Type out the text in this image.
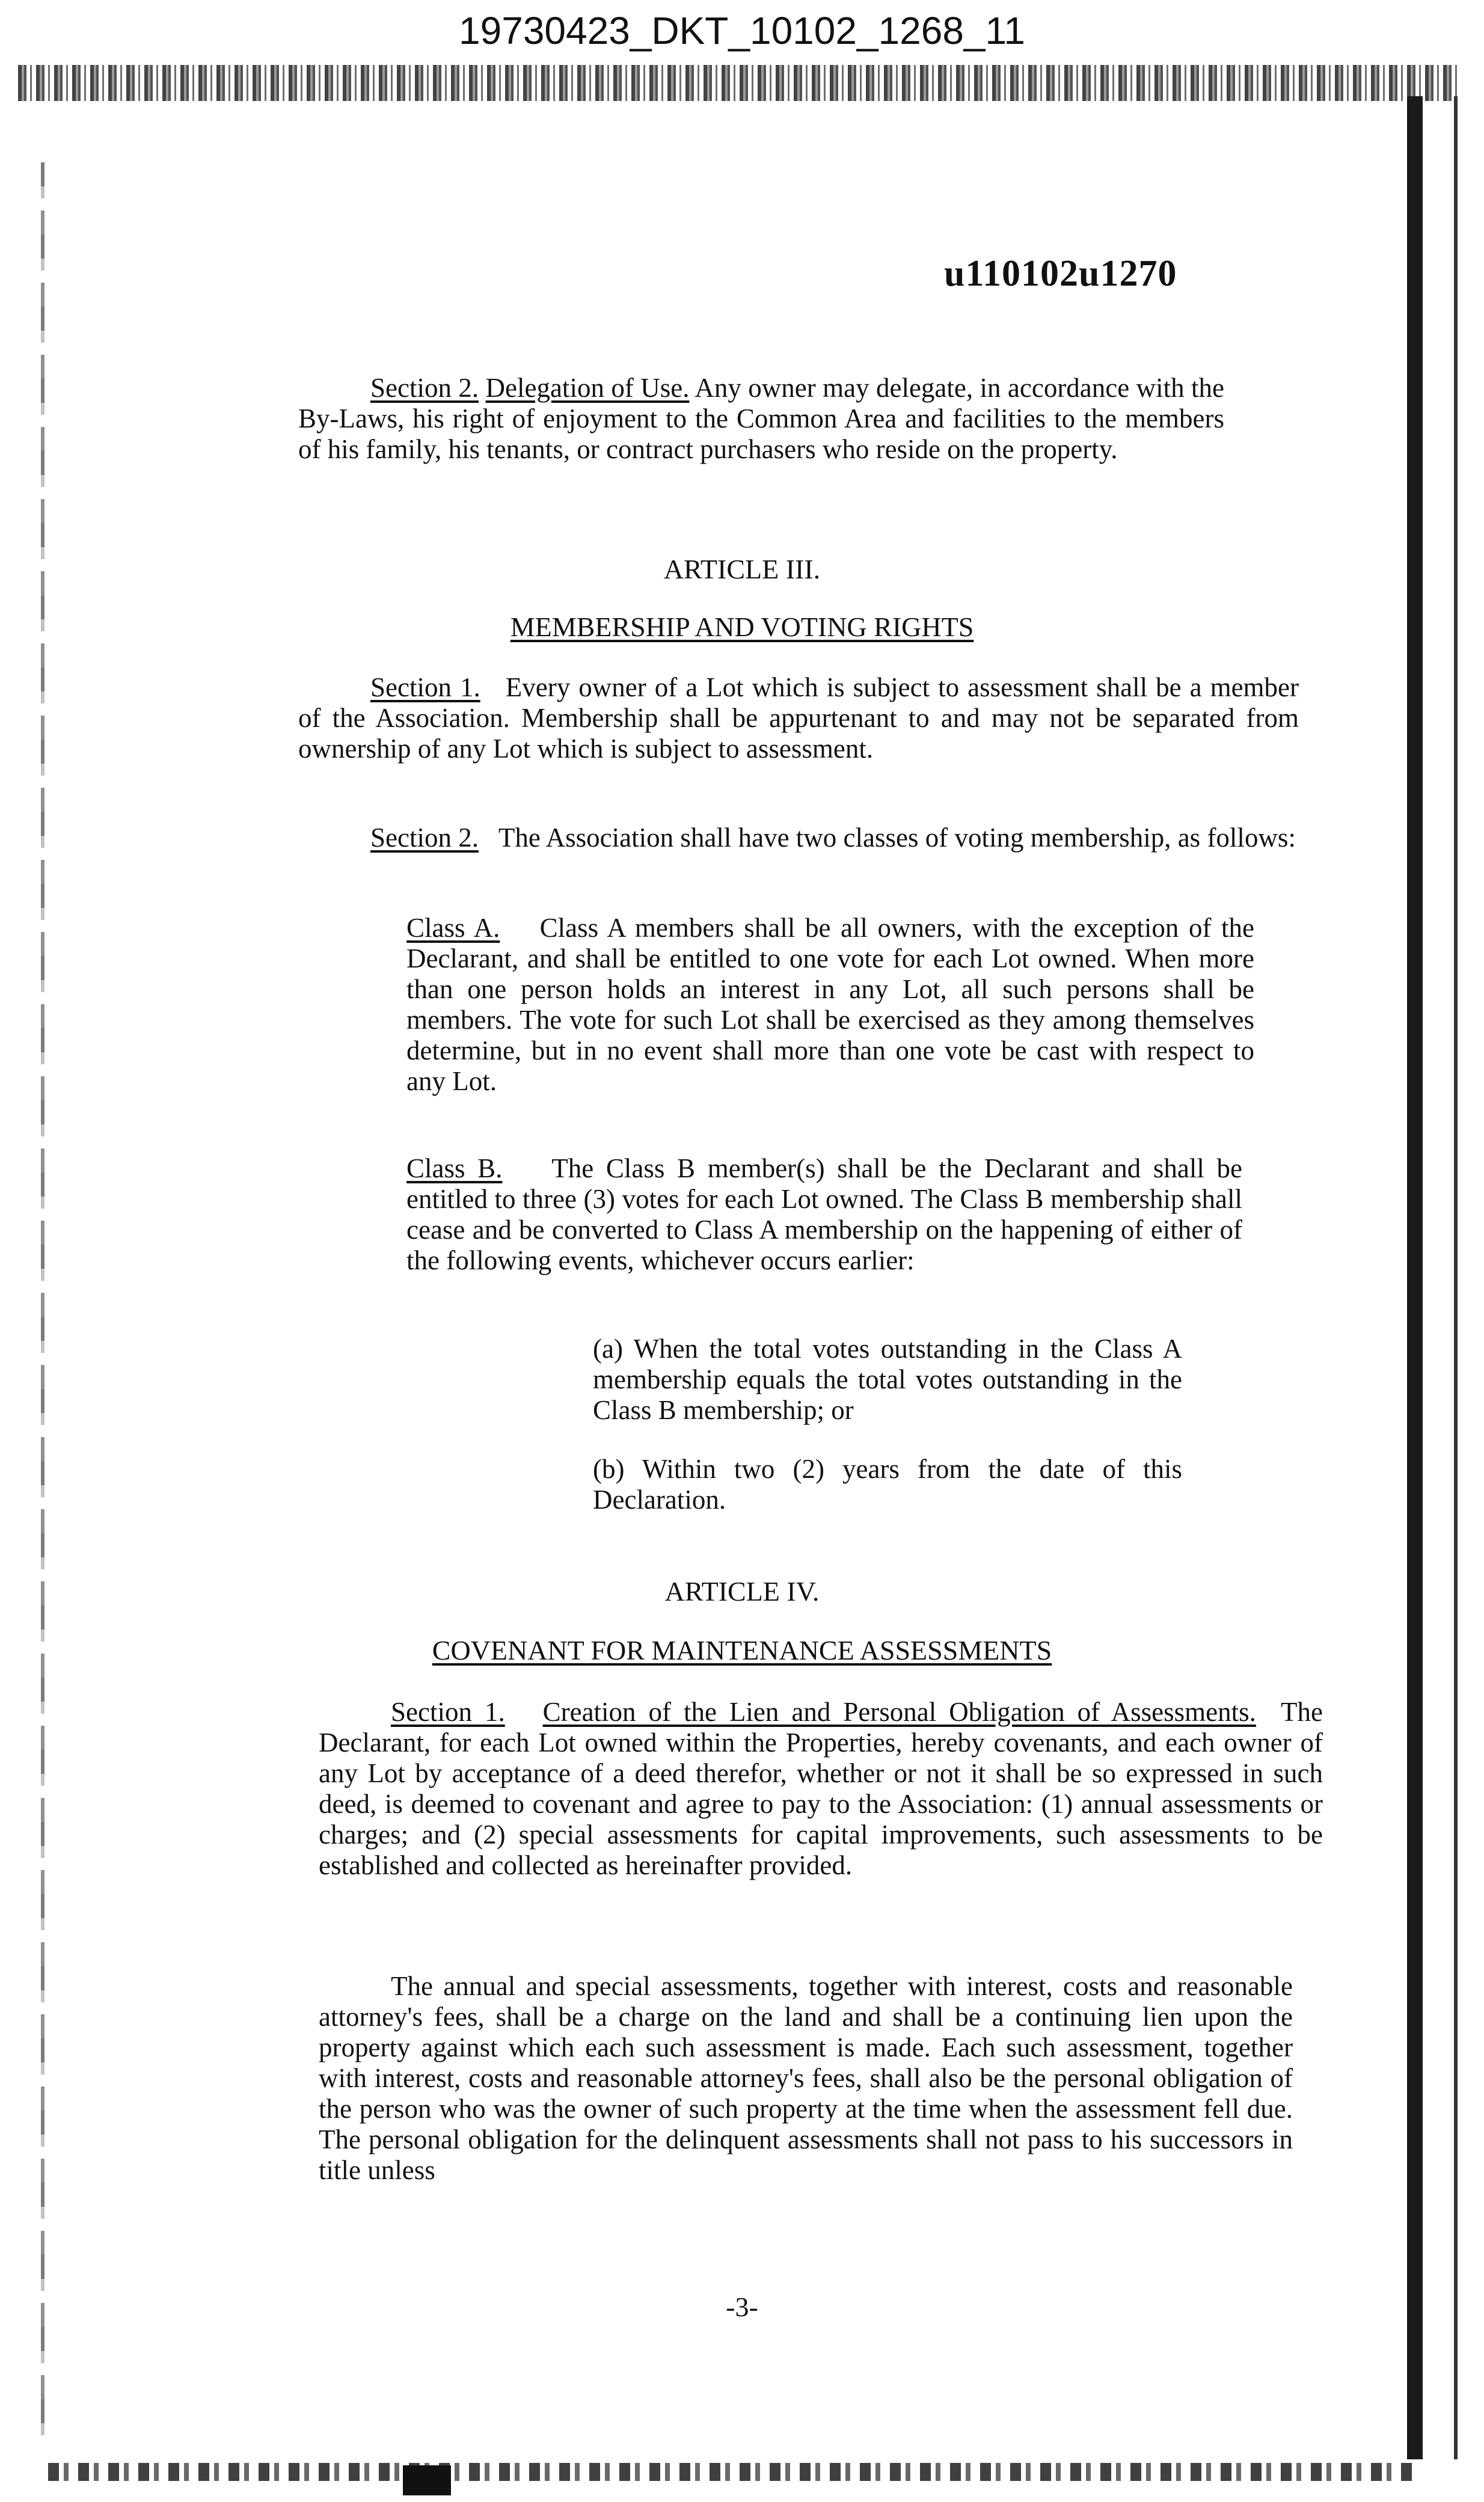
19730423_DKT_10102_1268_11
u110102u1270
Section 2. Delegation of Use. Any owner may delegate, in accordance with the By-Laws, his right of enjoyment to the Common Area and facilities to the members of his family, his tenants, or contract purchasers who reside on the property.
ARTICLE III.
MEMBERSHIP AND VOTING RIGHTS
Section 1. Every owner of a Lot which is subject to assessment shall be a member of the Association. Membership shall be appurtenant to and may not be separated from ownership of any Lot which is subject to assessment.
Section 2. The Association shall have two classes of voting membership, as follows:
Class A. Class A members shall be all owners, with the exception of the Declarant, and shall be entitled to one vote for each Lot owned. When more than one person holds an interest in any Lot, all such persons shall be members. The vote for such Lot shall be exercised as they among themselves determine, but in no event shall more than one vote be cast with respect to any Lot.
Class B. The Class B member(s) shall be the Declarant and shall be entitled to three (3) votes for each Lot owned. The Class B membership shall cease and be converted to Class A membership on the happening of either of the following events, whichever occurs earlier:
(a) When the total votes outstanding in the Class A membership equals the total votes outstanding in the Class B membership; or
(b) Within two (2) years from the date of this Declaration.
ARTICLE IV.
COVENANT FOR MAINTENANCE ASSESSMENTS
Section 1. Creation of the Lien and Personal Obligation of Assessments. The Declarant, for each Lot owned within the Properties, hereby covenants, and each owner of any Lot by acceptance of a deed therefor, whether or not it shall be so expressed in such deed, is deemed to covenant and agree to pay to the Association: (1) annual assessments or charges; and (2) special assessments for capital improvements, such assessments to be established and collected as hereinafter provided.
The annual and special assessments, together with interest, costs and reasonable attorney's fees, shall be a charge on the land and shall be a continuing lien upon the property against which each such assessment is made. Each such assessment, together with interest, costs and reasonable attorney's fees, shall also be the personal obligation of the person who was the owner of such property at the time when the assessment fell due. The personal obligation for the delinquent assessments shall not pass to his successors in title unless
-3-
